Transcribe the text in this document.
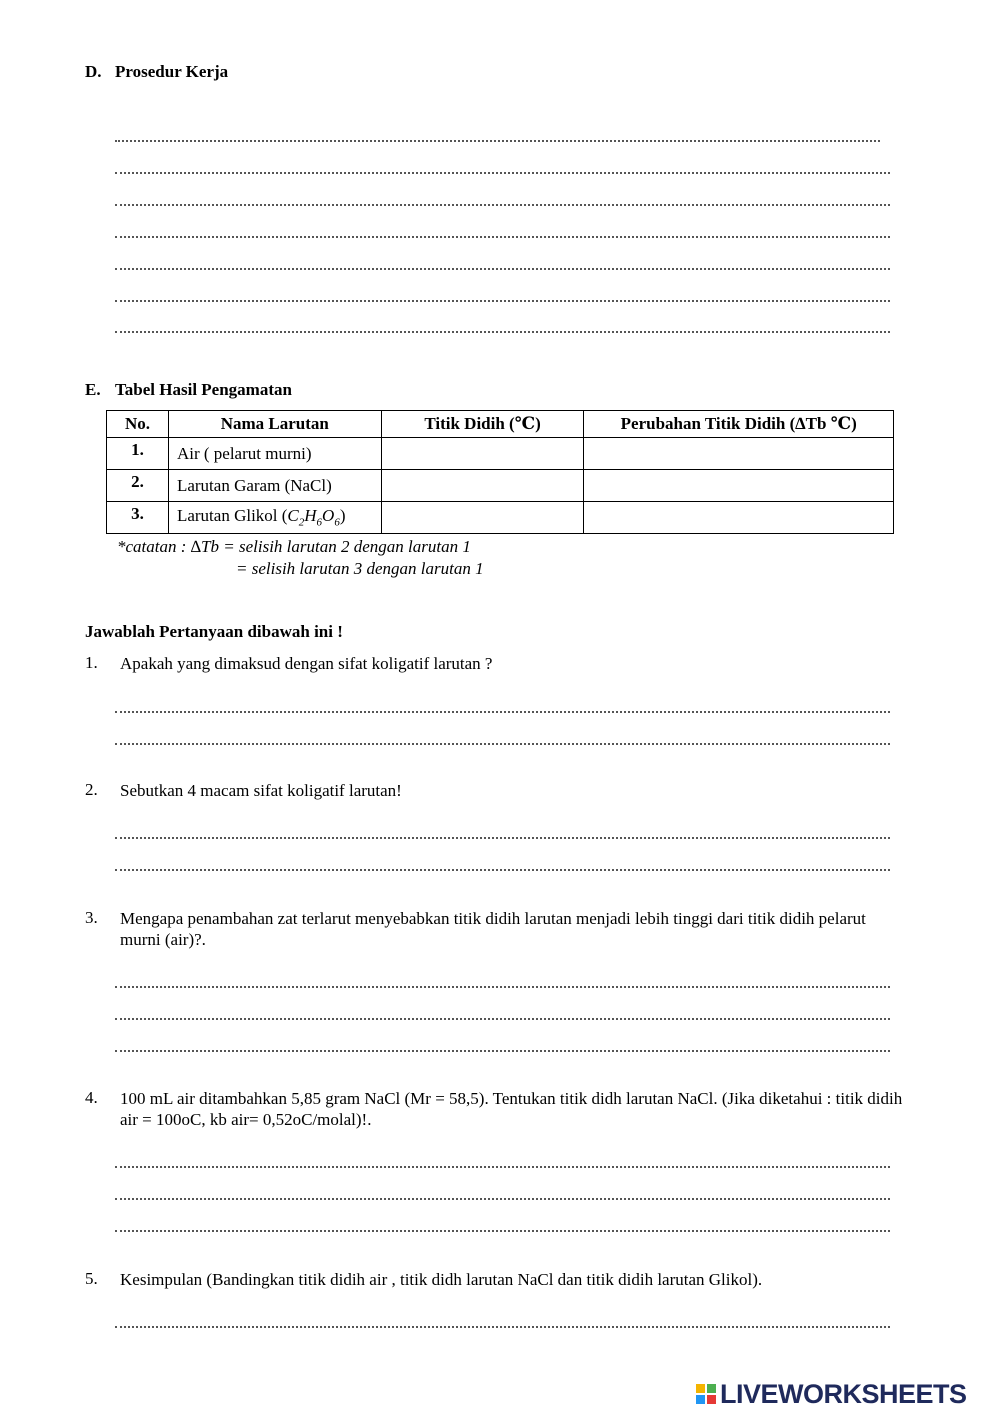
D. Prosedur Kerja
E. Tabel Hasil Pengamatan
No.	Nama Larutan	Titik Didih (℃)	Perubahan Titik Didih (∆Tb ℃)
1.	Air ( pelarut murni)		
2.	Larutan Garam (NaCl)		
3.	Larutan Glikol $(C_2H_6O_6)$		
*catatan : ∆Tb = selisih larutan 2 dengan larutan 1
= selisih larutan 3 dengan larutan 1
Jawablah Pertanyaan dibawah ini !
1. Apakah yang dimaksud dengan sifat koligatif larutan ?
2. Sebutkan 4 macam sifat koligatif larutan!
3. Mengapa penambahan zat terlarut menyebabkan titik didih larutan menjadi lebih tinggi dari titik didih pelarut murni (air)?.
4. 100 mL air ditambahkan 5,85 gram NaCl (Mr = 58,5). Tentukan titik didh larutan NaCl. (Jika diketahui : titik didih air = 100oC, kb air= 0,52oC/molal)!.
5. Kesimpulan (Bandingkan titik didih air , titik didh larutan NaCl dan titik didih larutan Glikol).
LIVEWORKSHEETS
